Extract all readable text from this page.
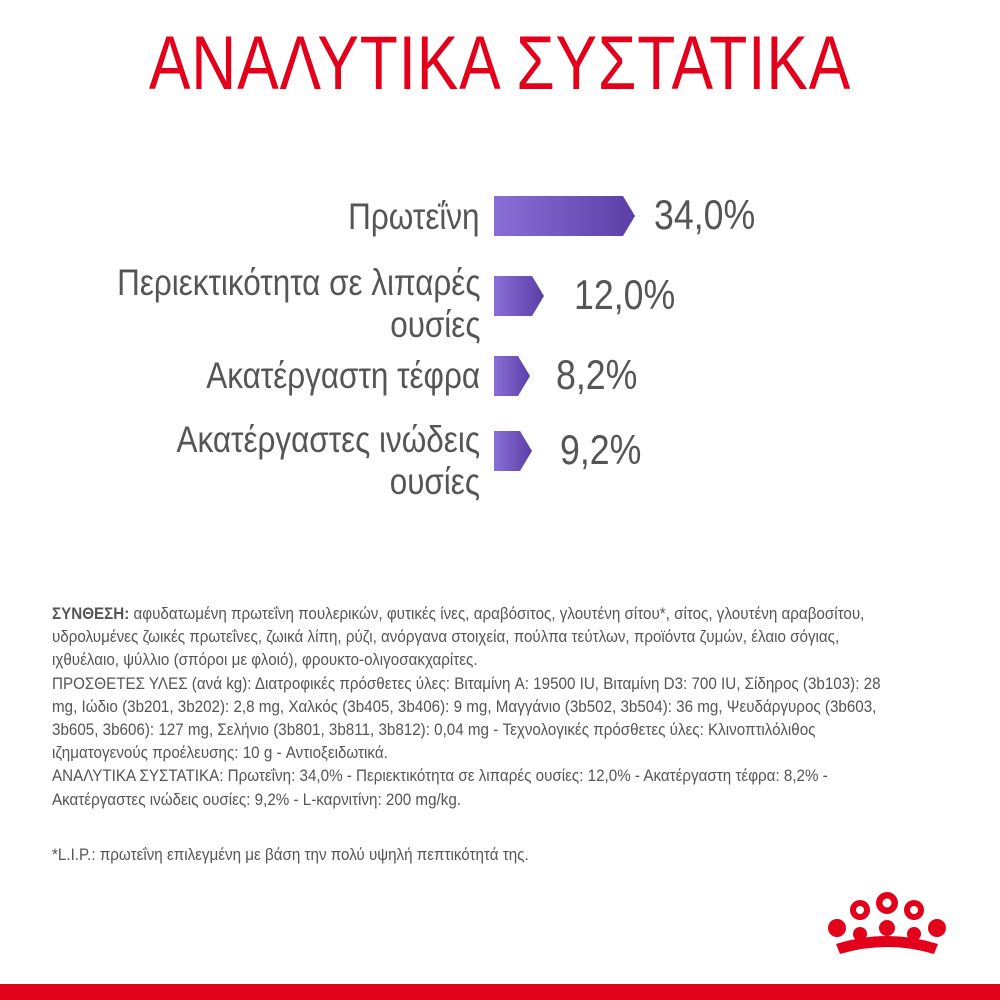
ΑΝΑΛΥΤΙΚΑ ΣΥΣΤΑΤΙΚΑ
Πρωτεΐνη	34,0%
Περιεκτικότητα σε λιπαρές
ουσίες
12,0%
Ακατέργαστη τέφρα 8,2%
Ακατέργαστες ινώδεις
ουσίες
9,2%
ΣΥΝΘΕΣΗ: αφυδατωμένη πρωτεΐνη πουλερικών, φυτικές ίνες, αραβόσιτος, γλουτένη σίτου*, σίτος, γλουτένη αραβοσίτου, υδρολυμένες ζωικές πρωτεΐνες, ζωικά λίπη, ρύζι, ανόργανα στοιχεία, πούλπα τεύτλων, προϊόντα ζυμών, έλαιο σόγιας, ιχθυέλαιο, ψύλλιο (σπόροι με φλοιό), φρουκτο-ολιγοσακχαρίτες.
ΠΡΟΣΘΕΤΕΣ ΥΛΕΣ (ανά kg): Διατροφικές πρόσθετες ύλες: Βιταμίνη A: 19500 IU, Βιταμίνη D3: 700 IU, Σίδηρος (3b103): 28 mg, Ιώδιο (3b201, 3b202): 2,8 mg, Χαλκός (3b405, 3b406): 9 mg, Μαγγάνιο (3b502, 3b504): 36 mg, Ψευδάργυρος (3b603, 3b605, 3b606): 127 mg, Σελήνιο (3b801, 3b811, 3b812): 0,04 mg - Τεχνολογικές πρόσθετες ύλες: Κλινοπτιλόλιθος ιζηματογενούς προέλευσης: 10 g - Αντιοξειδωτικά.
ΑΝΑΛΥΤΙΚΑ ΣΥΣΤΑΤΙΚΑ: Πρωτεΐνη: 34,0% - Περιεκτικότητα σε λιπαρές ουσίες: 12,0% - Ακατέργαστη τέφρα: 8,2% - Ακατέργαστες ινώδεις ουσίες: 9,2% - L-καρνιτίνη: 200 mg/kg.
*L.I.P.: πρωτεΐνη επιλεγμένη με βάση την πολύ υψηλή πεπτικότητά της.
